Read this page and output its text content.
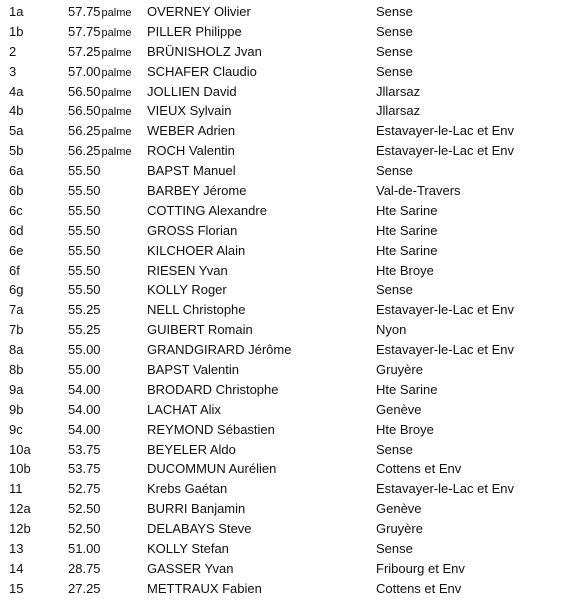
1a	57.75palme OVERNEY Olivier	Sense
1b	57.75palme PILLER Philippe	Sense
2	57.25palme BRÜNISHOLZ Jvan	Sense
3	57.00palme SCHAFER Claudio	Sense
4a	56.50palme JOLLIEN David	Jllarsaz
4b	56.50palme VIEUX Sylvain	Jllarsaz
5a	56.25palme WEBER Adrien	Estavayer-le-Lac et Env
5b	56.25palme ROCH Valentin	Estavayer-le-Lac et Env
6a	55.50	BAPST Manuel	Sense
6b	55.50	BARBEY Jérome	Val-de-Travers
6c	55.50	COTTING Alexandre	Hte Sarine
6d	55.50	GROSS Florian	Hte Sarine
6e	55.50	KILCHOER Alain	Hte Sarine
6f	55.50	RIESEN Yvan	Hte Broye
6g	55.50	KOLLY Roger	Sense
7a	55.25	NELL Christophe	Estavayer-le-Lac et Env
7b	55.25	GUIBERT Romain	Nyon
8a	55.00	GRANDGIRARD Jérôme	Estavayer-le-Lac et Env
8b	55.00	BAPST Valentin	Gruyère
9a	54.00	BRODARD Christophe	Hte Sarine
9b	54.00	LACHAT Alix	Genève
9c	54.00	REYMOND Sébastien	Hte Broye
10a	53.75	BEYELER Aldo	Sense
10b	53.75	DUCOMMUN Aurélien	Cottens et Env
11	52.75	Krebs Gaétan	Estavayer-le-Lac et Env
12a	52.50	BURRI Banjamin	Genève
12b	52.50	DELABAYS Steve	Gruyère
13	51.00	KOLLY Stefan	Sense
14	28.75	GASSER Yvan	Fribourg et Env
15	27.25	METTRAUX Fabien	Cottens et Env
